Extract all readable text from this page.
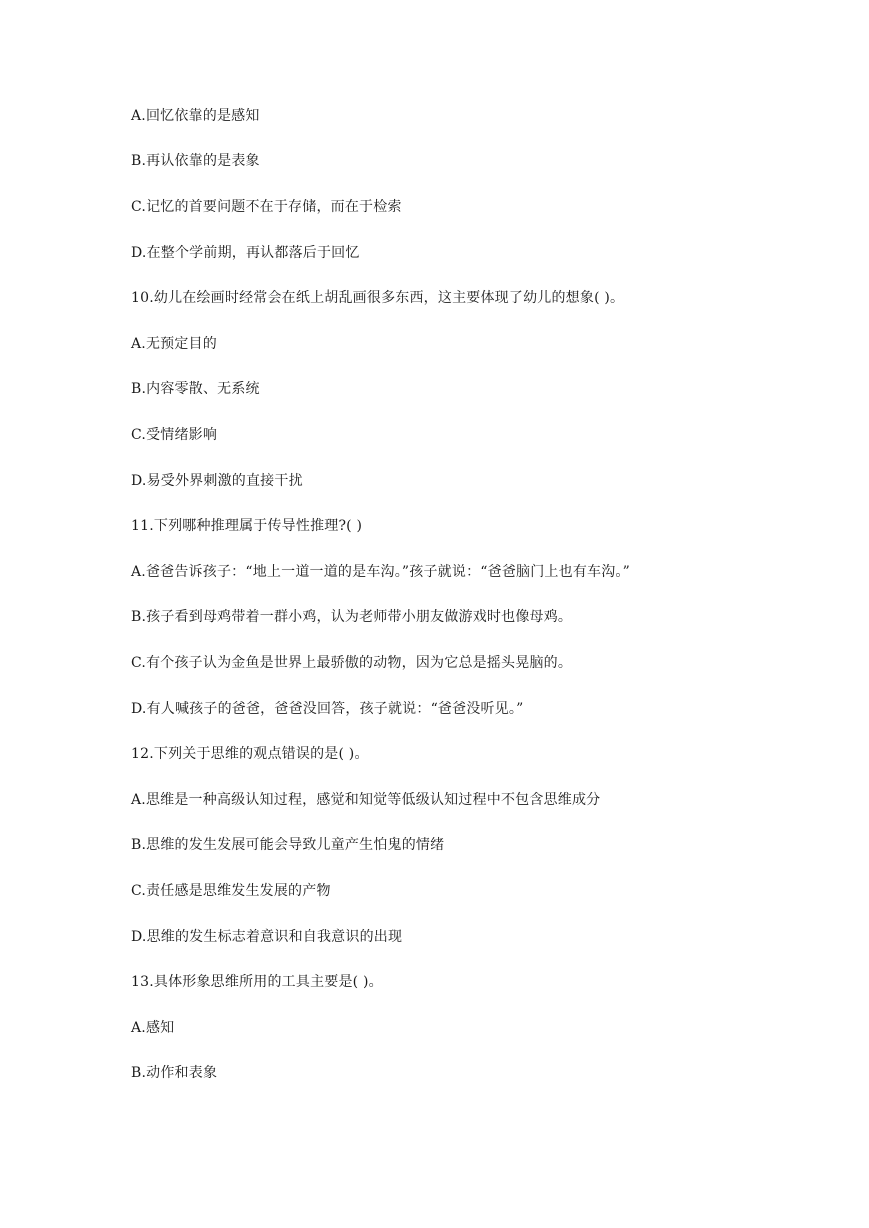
A.回忆依靠的是感知
B.再认依靠的是表象
C.记忆的首要问题不在于存储，而在于检索
D.在整个学前期，再认都落后于回忆
10.幼儿在绘画时经常会在纸上胡乱画很多东西，这主要体现了幼儿的想象( )。
A.无预定目的
B.内容零散、无系统
C.受情绪影响
D.易受外界刺激的直接干扰
11.下列哪种推理属于传导性推理?( )
A.爸爸告诉孩子：“地上一道一道的是车沟。”孩子就说：“爸爸脑门上也有车沟。”
B.孩子看到母鸡带着一群小鸡，认为老师带小朋友做游戏时也像母鸡。
C.有个孩子认为金鱼是世界上最骄傲的动物，因为它总是摇头晃脑的。
D.有人喊孩子的爸爸，爸爸没回答，孩子就说：“爸爸没听见。”
12.下列关于思维的观点错误的是( )。
A.思维是一种高级认知过程，感觉和知觉等低级认知过程中不包含思维成分
B.思维的发生发展可能会导致儿童产生怕鬼的情绪
C.责任感是思维发生发展的产物
D.思维的发生标志着意识和自我意识的出现
13.具体形象思维所用的工具主要是( )。
A.感知
B.动作和表象
